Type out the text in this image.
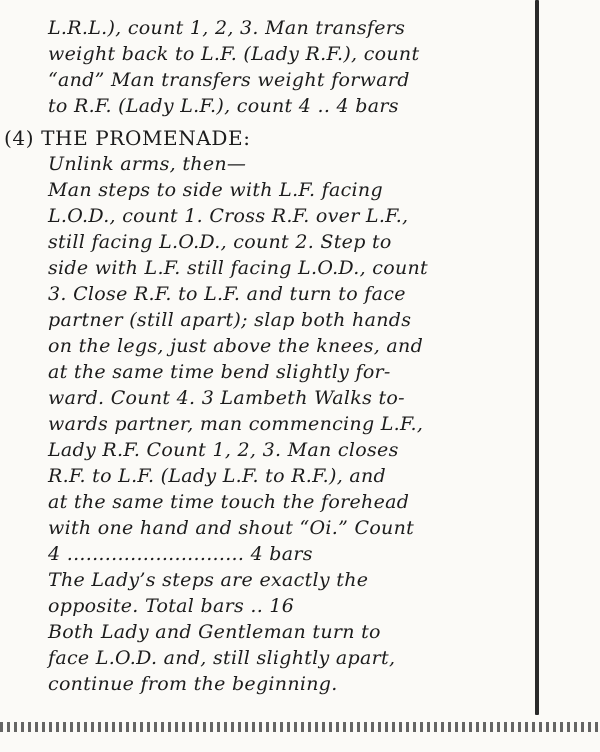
L.R.L.), count 1, 2, 3. Man transfers

weight back to L.F. (Lady R.F.), count

“and” Man transfers weight forward

to R.F. (Lady L.F.), count 4 .. 4 bars

(4) THE PROMENADE:

Unlink arms, then—

Man steps to side with L.F. facing

L.O.D., count 1. Cross R.F. over L.F.,

still facing L.O.D., count 2. Step to

side with L.F. still facing L.O.D., count

3. Close R.F. to L.F. and turn to face

partner (still apart); slap both hands

on the legs, just above the knees, and

at the same time bend slightly for-

ward. Count 4. 3 Lambeth Walks to-

wards partner, man commencing L.F.,

Lady R.F. Count 1, 2, 3. Man closes

R.F. to L.F. (Lady L.F. to R.F.), and

at the same time touch the forehead

with one hand and shout “Oi.” Count

4 ............................ 4 bars

The Lady’s steps are exactly the

opposite. Total bars .. 16

Both Lady and Gentleman turn to

face L.O.D. and, still slightly apart,

continue from the beginning.
